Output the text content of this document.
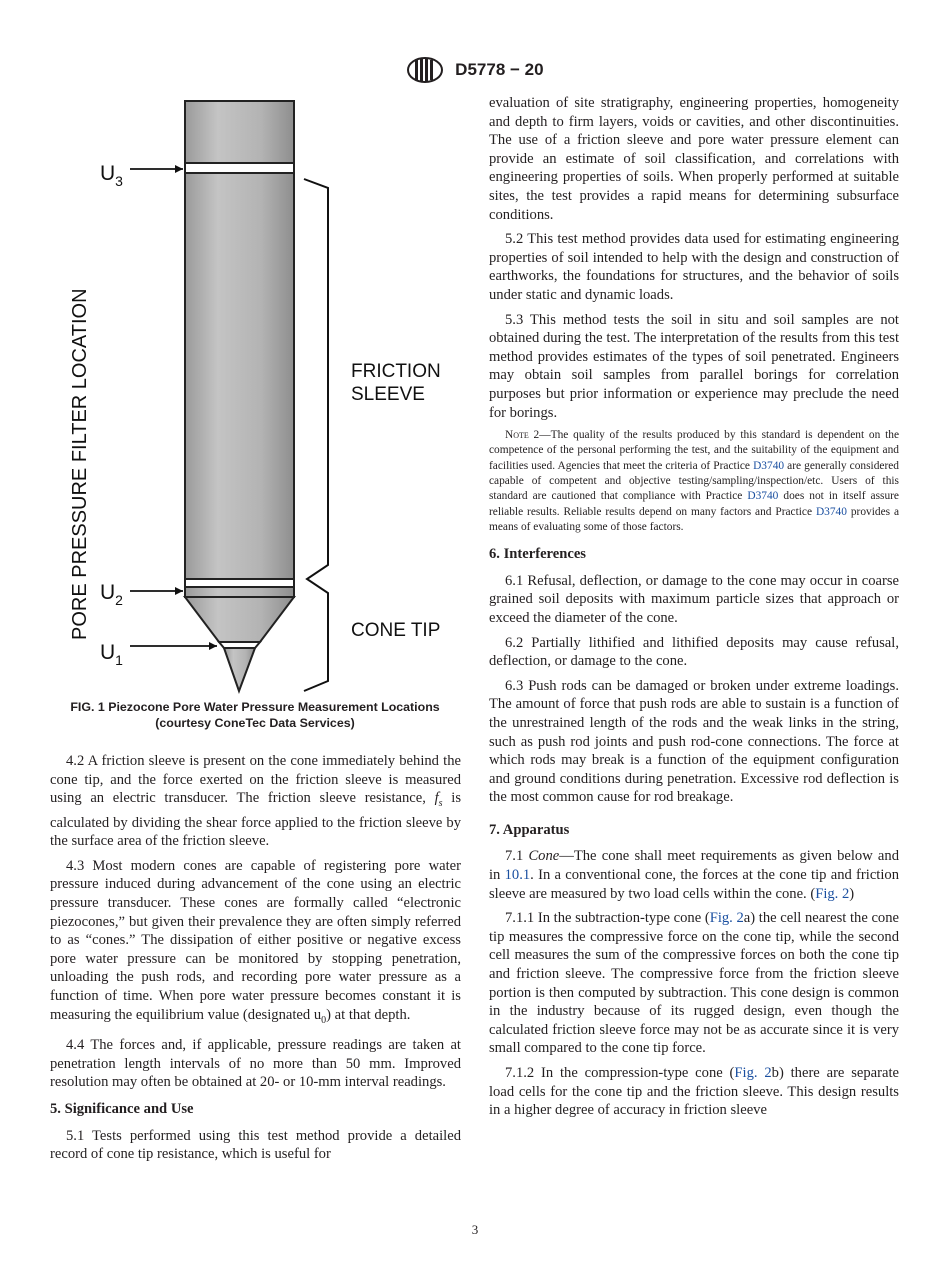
D5778 − 20
$U_3$
$U_2$
$U_1$
PORE PRESSURE FILTER LOCATION	FRICTION
SLEEVE
CONE TIP
FIG. 1 Piezocone Pore Water Pressure Measurement Locations
(courtesy ConeTec Data Services)

4.2 A friction sleeve is present on the cone immediately behind the cone tip, and the force exerted on the friction sleeve is measured using an electric transducer. The friction sleeve resistance, $f_s$ is calculated by dividing the shear force applied to the friction sleeve by the surface area of the friction sleeve.

4.3 Most modern cones are capable of registering pore water pressure induced during advancement of the cone using an electric pressure transducer. These cones are formally called “electronic piezocones,” but given their prevalence they are often simply referred to as “cones.” The dissipation of either positive or negative excess pore water pressure can be monitored by stopping penetration, unloading the push rods, and recording pore water pressure as a function of time. When pore water pressure becomes constant it is measuring the equilibrium value (designated $u_0$) at that depth.

4.4 The forces and, if applicable, pressure readings are taken at penetration length intervals of no more than 50 mm. Improved resolution may often be obtained at 20- or 10-mm interval readings.

5. Significance and Use

5.1 Tests performed using this test method provide a detailed record of cone tip resistance, which is useful for

evaluation of site stratigraphy, engineering properties, homogeneity and depth to firm layers, voids or cavities, and other discontinuities. The use of a friction sleeve and pore water pressure element can provide an estimate of soil classification, and correlations with engineering properties of soils. When properly performed at suitable sites, the test provides a rapid means for determining subsurface conditions.

5.2 This test method provides data used for estimating engineering properties of soil intended to help with the design and construction of earthworks, the foundations for structures, and the behavior of soils under static and dynamic loads.

5.3 This method tests the soil in situ and soil samples are not obtained during the test. The interpretation of the results from this test method provides estimates of the types of soil penetrated. Engineers may obtain soil samples from parallel borings for correlation purposes but prior information or experience may preclude the need for borings.

Note 2—The quality of the results produced by this standard is dependent on the competence of the personal performing the test, and the suitability of the equipment and facilities used. Agencies that meet the criteria of Practice D3740 are generally considered capable of competent and objective testing/sampling/inspection/etc. Users of this standard are cautioned that compliance with Practice D3740 does not in itself assure reliable results. Reliable results depend on many factors and Practice D3740 provides a means of evaluating some of those factors.
6. Interferences

6.1 Refusal, deflection, or damage to the cone may occur in coarse grained soil deposits with maximum particle sizes that approach or exceed the diameter of the cone.

6.2 Partially lithified and lithified deposits may cause refusal, deflection, or damage to the cone.

6.3 Push rods can be damaged or broken under extreme loadings. The amount of force that push rods are able to sustain is a function of the unrestrained length of the rods and the weak links in the string, such as push rod joints and push rod-cone connections. The force at which rods may break is a function of the equipment configuration and ground conditions during penetration. Excessive rod deflection is the most common cause for rod breakage.

7. Apparatus

7.1 Cone—The cone shall meet requirements as given below and in 10.1. In a conventional cone, the forces at the cone tip and friction sleeve are measured by two load cells within the cone. (Fig. 2)

7.1.1 In the subtraction-type cone (Fig. 2a) the cell nearest the cone tip measures the compressive force on the cone tip, while the second cell measures the sum of the compressive forces on both the cone tip and friction sleeve. The compressive force from the friction sleeve portion is then computed by subtraction. This cone design is common in the industry because of its rugged design, even though the calculated friction sleeve force may not be as accurate since it is very small compared to the cone tip force.

7.1.2 In the compression-type cone (Fig. 2b) there are separate load cells for the cone tip and the friction sleeve. This design results in a higher degree of accuracy in friction sleeve

3
